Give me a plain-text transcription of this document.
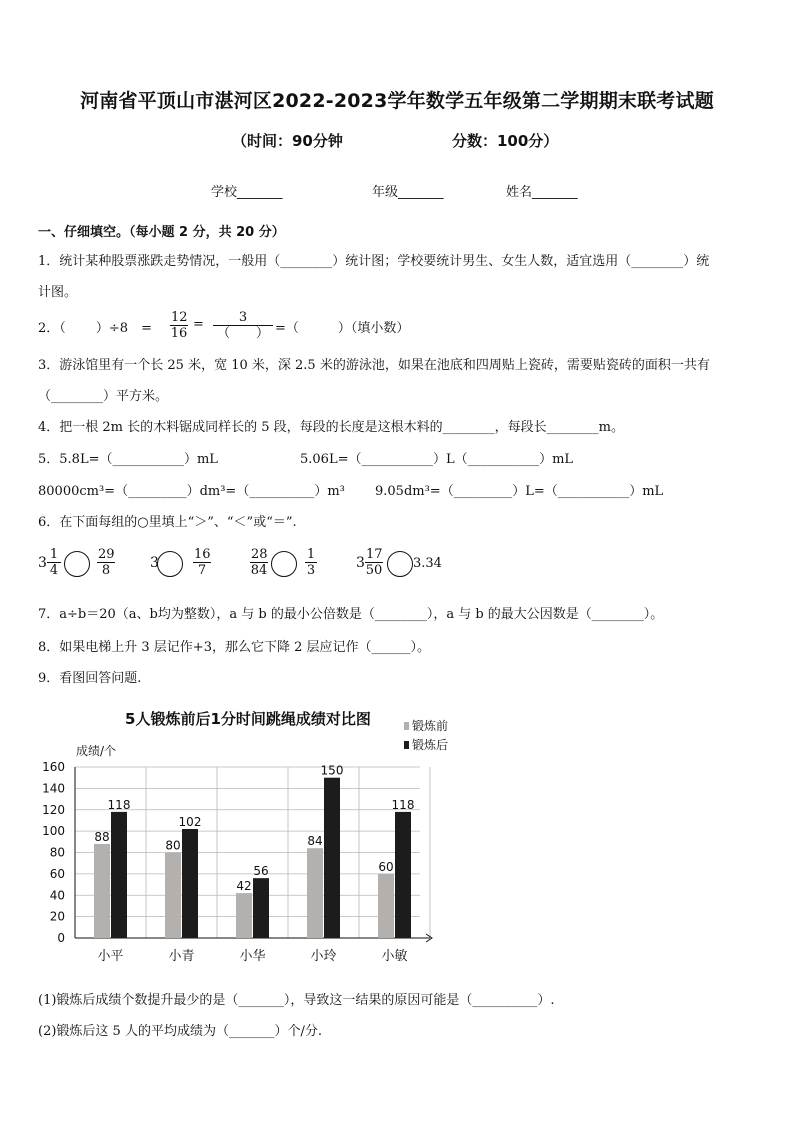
河南省平顶山市湛河区2022-2023学年数学五年级第二学期期末联考试题
（时间：90分钟	分数：100分）
学校_______	年级_______	姓名_______
一、仔细填空。（每小题 2 分，共 20 分）
1．统计某种股票涨跌走势情况，一般用（________）统计图；学校要统计男生、女生人数，适宜选用（________）统
计图。
2．（　　 ）÷8　= $\frac{12}{16}$ =	3
（　　） =（　　　）（填小数）
3．游泳馆里有一个长 25 米，宽 10 米，深 2.5 米的游泳池，如果在池底和四周贴上瓷砖，需要贴瓷砖的面积一共有
（________）平方米。
4．把一根 2m 长的木料锯成同样长的 5 段，每段的长度是这根木料的________，每段长________m。
5．5.8L=（___________）mL	5.06L=（___________）L（___________）mL
80000cm³=（_________）dm³=（__________）m³ 9.05dm³=（_________）L=（___________）mL
6．在下面每组的○里填上“＞”、“＜”或“＝”.
$3 \frac{1}{4}$	$\frac{29}{8}$	3	$\frac{16}{7}$	$\frac{28}{84}$	$\frac{1}{3}$	$3 \frac{17}{50} 3.34$
7．a÷b＝20（a、b均为整数），a 与 b 的最小公倍数是（________），a 与 b 的最大公因数是（________）。
8．如果电梯上升 3 层记作+3，那么它下降 2 层应记作（______）。
9．看图回答问题.
5人锻炼前后1分时间跳绳成绩对比图
成绩/个
0
20
40
60
80
100
120
140
160
88
118
小平
80
102
小青
42
56
小华
84
150
小玲
60
118
小敏
锻炼前
锻炼后
(1)锻炼后成绩个数提升最少的是（_______），导致这一结果的原因可能是（__________）.
(2)锻炼后这 5 人的平均成绩为（_______）个/分.
